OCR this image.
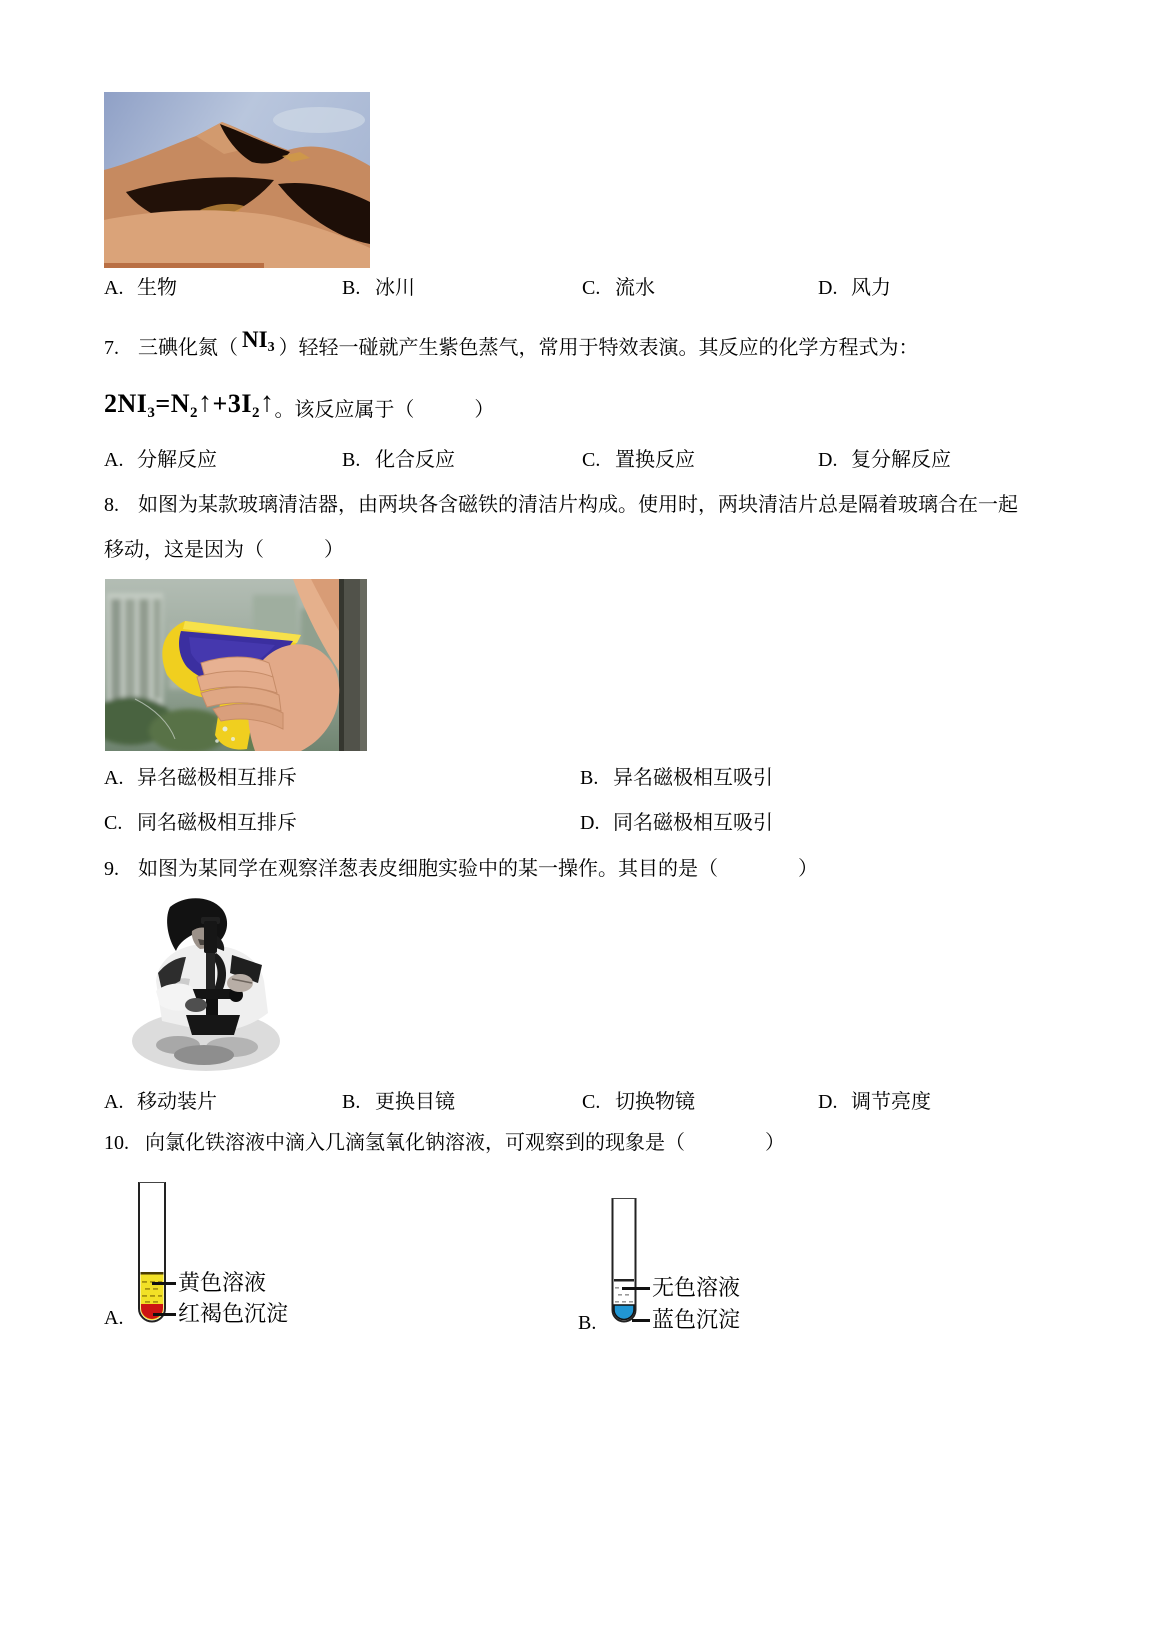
A. 生物	B. 冰川	C. 流水	D. 风力
7. 三碘化氮（ $NI_3$ ）轻轻一碰就产生紫色蒸气，常用于特效表演。其反应的化学方程式为：
$2NI_3=N_2↑+3I_2↑$。该反应属于（　　　）
A. 分解反应	B. 化合反应	C. 置换反应	D. 复分解反应
8. 如图为某款玻璃清洁器，由两块各含磁铁的清洁片构成。使用时，两块清洁片总是隔着玻璃合在一起
移动，这是因为（　　　）
A. 异名磁极相互排斥	B. 异名磁极相互吸引
C. 同名磁极相互排斥	D. 同名磁极相互吸引
9. 如图为某同学在观察洋葱表皮细胞实验中的某一操作。其目的是（　　　　）
A. 移动装片	B. 更换目镜	C. 切换物镜	D. 调节亮度
10. 向氯化铁溶液中滴入几滴氢氧化钠溶液，可观察到的现象是（　　　　）
黄色溶液
红褐色沉淀
A.
无色溶液
蓝色沉淀
B.
